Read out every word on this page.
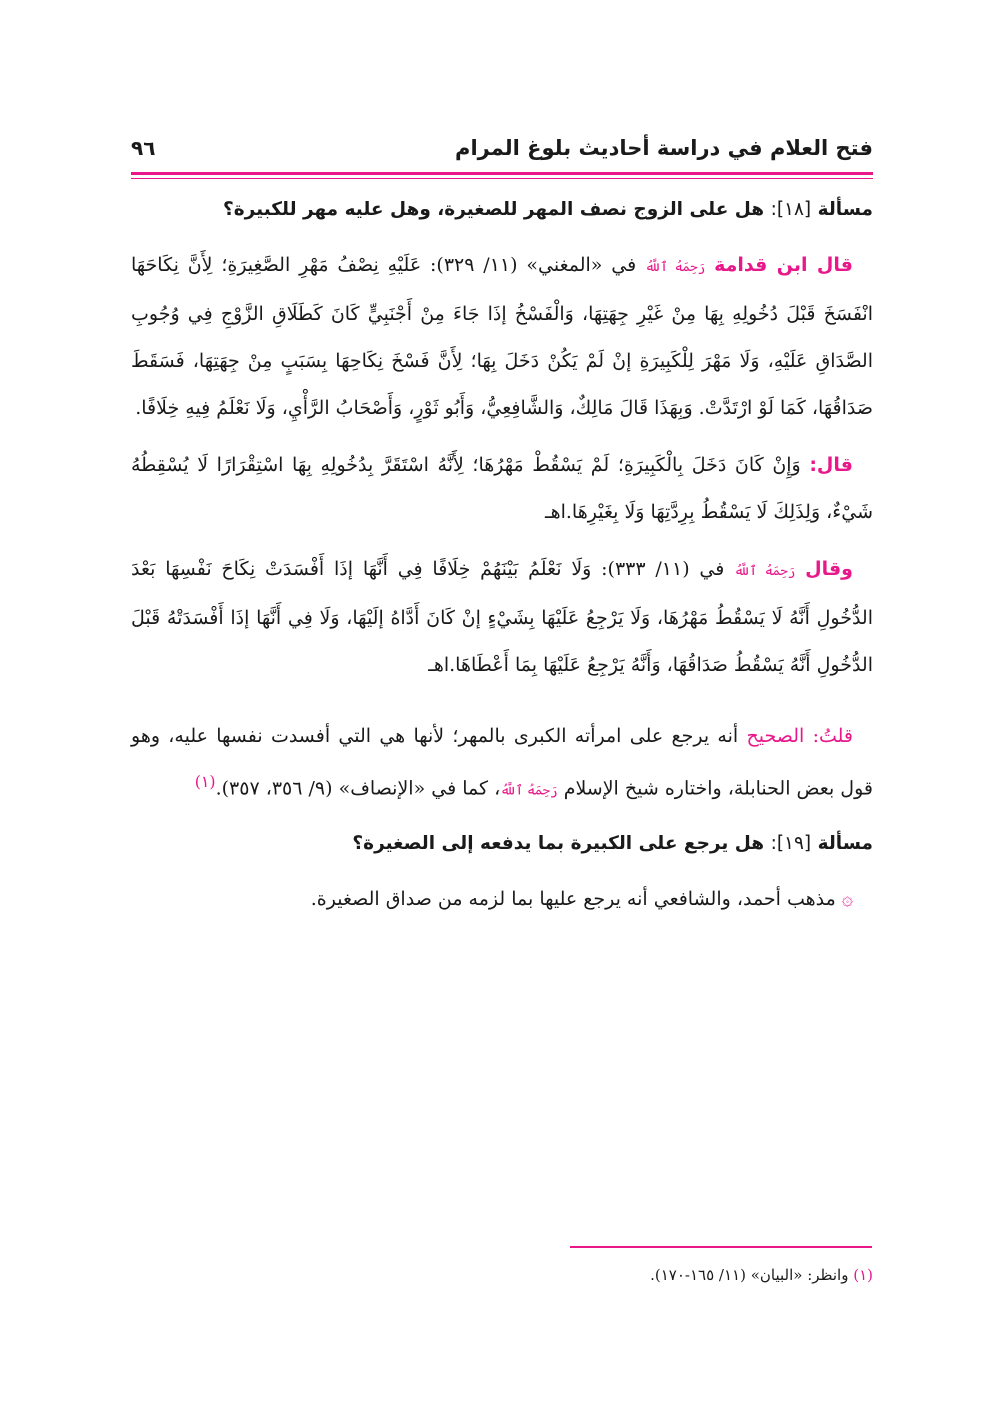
فتح العلام في دراسة أحاديث بلوغ المرام
٩٦
مسألة [١٨]: هل على الزوج نصف المهر للصغيرة، وهل عليه مهر للكبيرة؟

قال ابن قدامة رَحِمَهُ ٱللَّهُ في «المغني» (١١/ ٣٢٩): عَلَيْهِ نِصْفُ مَهْرِ الصَّغِيرَةِ؛ لِأَنَّ نِكَاحَهَا انْفَسَخَ قَبْلَ دُخُولِهِ بِهَا مِنْ غَيْرِ جِهَتِهَا، وَالْفَسْخُ إذَا جَاءَ مِنْ أَجْنَبِيٍّ كَانَ كَطَلَاقِ الزَّوْجِ فِي وُجُوبِ الصَّدَاقِ عَلَيْهِ، وَلَا مَهْرَ لِلْكَبِيرَةِ إنْ لَمْ يَكُنْ دَخَلَ بِهَا؛ لِأَنَّ فَسْخَ نِكَاحِهَا بِسَبَبٍ مِنْ جِهَتِهَا، فَسَقَطَ صَدَاقُهَا، كَمَا لَوْ ارْتَدَّتْ. وَبِهَذَا قَالَ مَالِكٌ، وَالشَّافِعِيُّ، وَأَبُو ثَوْرٍ، وَأَصْحَابُ الرَّأْيِ، وَلَا نَعْلَمُ فِيهِ خِلَافًا.

قال: وَإِنْ كَانَ دَخَلَ بِالْكَبِيرَةِ؛ لَمْ يَسْقُطْ مَهْرُهَا؛ لِأَنَّهُ اسْتَقَرَّ بِدُخُولِهِ بِهَا اسْتِقْرَارًا لَا يُسْقِطُهُ شَيْءٌ، وَلِذَلِكَ لَا يَسْقُطُ بِرِدَّتِهَا وَلَا بِغَيْرِهَا.اهـ

وقال رَحِمَهُ ٱللَّهُ في (١١/ ٣٣٣): وَلَا نَعْلَمُ بَيْنَهُمْ خِلَافًا فِي أَنَّهَا إذَا أَفْسَدَتْ نِكَاحَ نَفْسِهَا بَعْدَ الدُّخُولِ أَنَّهُ لَا يَسْقُطُ مَهْرُهَا، وَلَا يَرْجِعُ عَلَيْهَا بِشَيْءٍ إنْ كَانَ أَدَّاهُ إلَيْهَا، وَلَا فِي أَنَّهَا إذَا أَفْسَدَتْهُ قَبْلَ الدُّخُولِ أَنَّهُ يَسْقُطُ صَدَاقُهَا، وَأَنَّهُ يَرْجِعُ عَلَيْهَا بِمَا أَعْطَاهَا.اهـ

قلتُ: الصحيح أنه يرجع على امرأته الكبرى بالمهر؛ لأنها هي التي أفسدت نفسها عليه، وهو قول بعض الحنابلة، واختاره شيخ الإسلام رَحِمَهُ ٱللَّهُ، كما في «الإنصاف» (٩/ ٣٥٦، ٣٥٧).$^{(١)}$

مسألة [١٩]: هل يرجع على الكبيرة بما يدفعه إلى الصغيرة؟

۞ مذهب أحمد، والشافعي أنه يرجع عليها بما لزمه من صداق الصغيرة.

(١) وانظر: «البيان» (١١/ ١٦٥-١٧٠).
